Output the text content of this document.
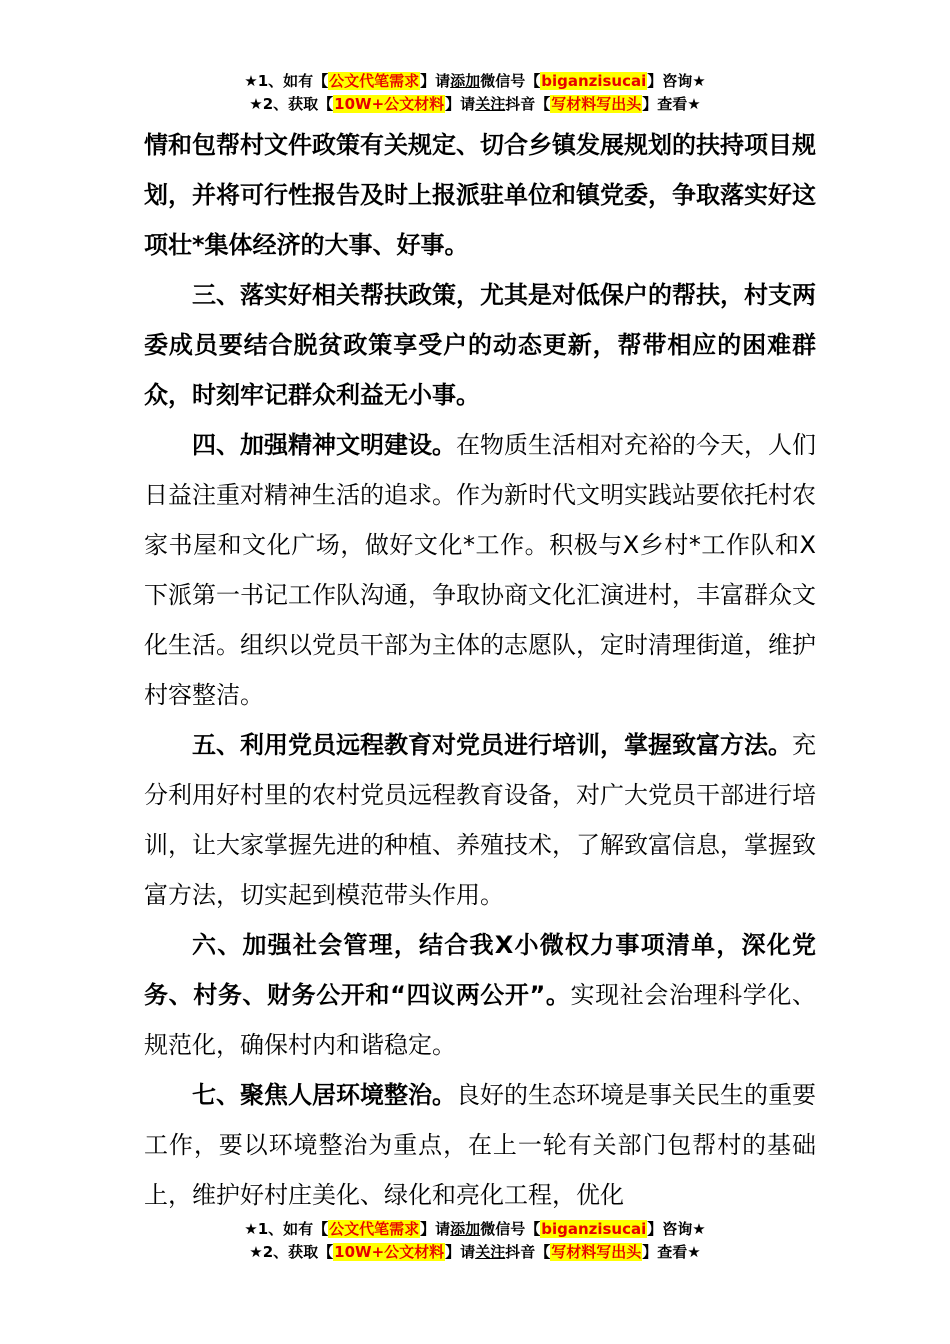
★1、如有【公文代笔需求】请添加微信号【biganzisucai】咨询★
★2、获取【10W+公文材料】请关注抖音【写材料写出头】查看★

情和包帮村文件政策有关规定、切合乡镇发展规划的扶持项目规划，并将可行性报告及时上报派驻单位和镇党委，争取落实好这项壮*集体经济的大事、好事。

三、落实好相关帮扶政策，尤其是对低保户的帮扶，村支两委成员要结合脱贫政策享受户的动态更新，帮带相应的困难群众，时刻牢记群众利益无小事。

四、加强精神文明建设。在物质生活相对充裕的今天，人们日益注重对精神生活的追求。作为新时代文明实践站要依托村农家书屋和文化广场，做好文化*工作。积极与X乡村*工作队和X下派第一书记工作队沟通，争取协商文化汇演进村，丰富群众文化生活。组织以党员干部为主体的志愿队，定时清理街道，维护村容整洁。

五、利用党员远程教育对党员进行培训，掌握致富方法。充分利用好村里的农村党员远程教育设备，对广大党员干部进行培训，让大家掌握先进的种植、养殖技术，了解致富信息，掌握致富方法，切实起到模范带头作用。

六、加强社会管理，结合我X小微权力事项清单，深化党务、村务、财务公开和“四议两公开”。实现社会治理科学化、规范化，确保村内和谐稳定。

七、聚焦人居环境整治。良好的生态环境是事关民生的重要工作，要以环境整治为重点，在上一轮有关部门包帮村的基础上，维护好村庄美化、绿化和亮化工程，优化

★1、如有【公文代笔需求】请添加微信号【biganzisucai】咨询★
★2、获取【10W+公文材料】请关注抖音【写材料写出头】查看★
